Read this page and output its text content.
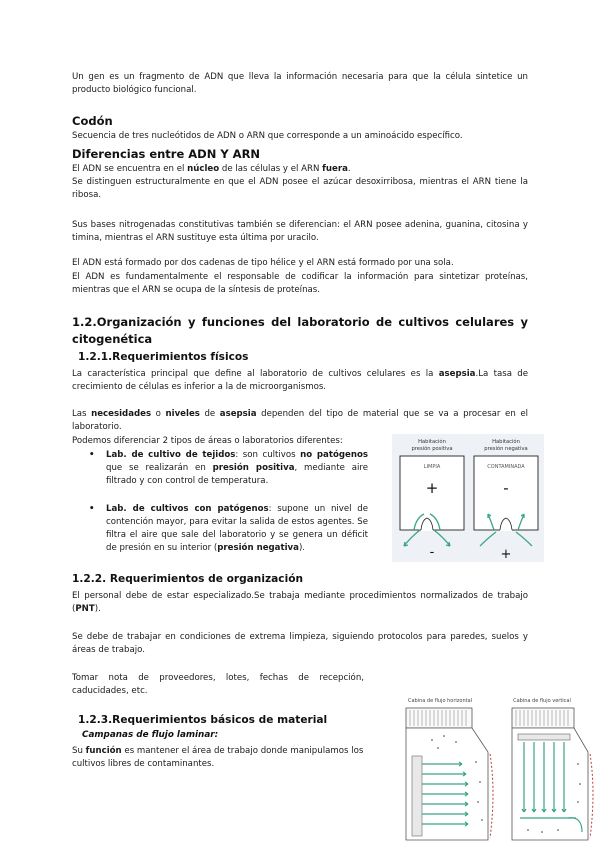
Un gen es un fragmento de ADN que lleva la información necesaria para que la célula sintetice un producto biológico funcional.

Codón

Secuencia de tres nucleótidos de ADN o ARN que corresponde a un aminoácido específico.

Diferencias entre ADN Y ARN

El ADN se encuentra en el núcleo de las células y el ARN fuera.

Se distinguen estructuralmente en que el ADN posee el azúcar desoxirribosa, mientras el ARN tiene la ribosa.

Sus bases nitrogenadas constitutivas también se diferencian: el ARN posee adenina, guanina, citosina y timina, mientras el ARN sustituye esta última por uracilo.

El ADN está formado por dos cadenas de tipo hélice y el ARN está formado por una sola.

El ADN es fundamentalmente el responsable de codificar la información para sintetizar proteínas, mientras que el ARN se ocupa de la síntesis de proteínas.

1.2.Organización y funciones del laboratorio de cultivos celulares y citogenética
1.2.1.Requerimientos físicos

La característica principal que define al laboratorio de cultivos celulares es la asepsia.La tasa de crecimiento de células es inferior a la de microorganismos.

Las necesidades o niveles de asepsia dependen del tipo de material que se va a procesar en el laboratorio.

Podemos diferenciar 2 tipos de áreas o laboratorios diferentes:

• Lab. de cultivo de tejidos: son cultivos no patógenos que se realizarán en presión positiva, mediante aire filtrado y con control de temperatura.
• Lab. de cultivos con patógenos: supone un nivel de contención mayor, para evitar la salida de estos agentes. Se filtra el aire que sale del laboratorio y se genera un déficit de presión en su interior (presión negativa).
Habitación
presión positiva
Habitación
presión negativa
LIMPIA	CONTAMINADA
+	-
-	+
1.2.2. Requerimientos de organización

El personal debe de estar especializado.Se trabaja mediante procedimientos normalizados de trabajo (PNT).

Se debe de trabajar en condiciones de extrema limpieza, siguiendo protocolos para paredes, suelos y áreas de trabajo.

Tomar nota de proveedores, lotes, fechas de recepción, caducidades, etc.

1.2.3.Requerimientos básicos de material
Campanas de flujo laminar:

Su función es mantener el área de trabajo donde manipulamos los cultivos libres de contaminantes.

Cabina de flujo horizontal	Cabina de flujo vertical
